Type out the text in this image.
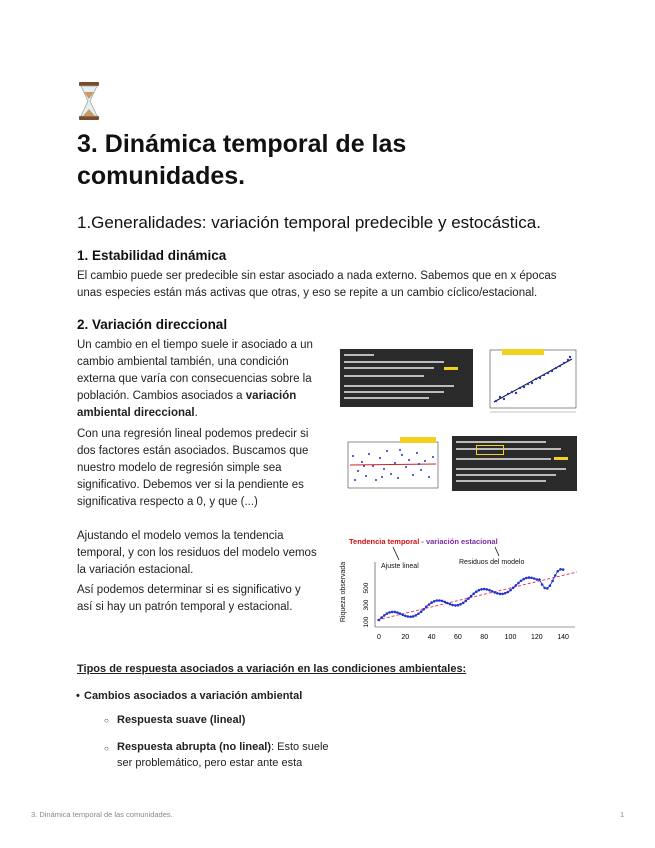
3. Dinámica temporal de las comunidades.
1.Generalidades: variación temporal predecible y estocástica.
1. Estabilidad dinámica

El cambio puede ser predecible sin estar asociado a nada externo. Sabemos que en x épocas unas especies están más activas que otras, y eso se repite a un cambio cíclico/estacional.

2. Variación direccional

Un cambio en el tiempo suele ir asociado a un cambio ambiental también, una condición externa que varía con consecuencias sobre la población. Cambios asociados a variación ambiental direccional.

Con una regresión lineal podemos predecir si dos factores están asociados. Buscamos que nuestro modelo de regresión simple sea significativo. Debemos ver si la pendiente es significativa respecto a 0, y que (...)

Ajustando el modelo vemos la tendencia temporal, y con los residuos del modelo vemos la variación estacional.

Así podemos determinar si es significativo y así si hay un patrón temporal y estacional.

Tendencia temporal - variación estacional
Ajuste lineal
Residuos del modelo
Riqueza observada 100
300
500
0	20	40	60	80 100 120 140

Tipos de respuesta asociados a variación en las condiciones ambientales:

• Cambios asociados a variación ambiental
○ Respuesta suave (lineal)
○ Respuesta abrupta (no lineal): Esto suele ser problemático, pero estar ante esta
3. Dinámica temporal de las comunidades.	1
